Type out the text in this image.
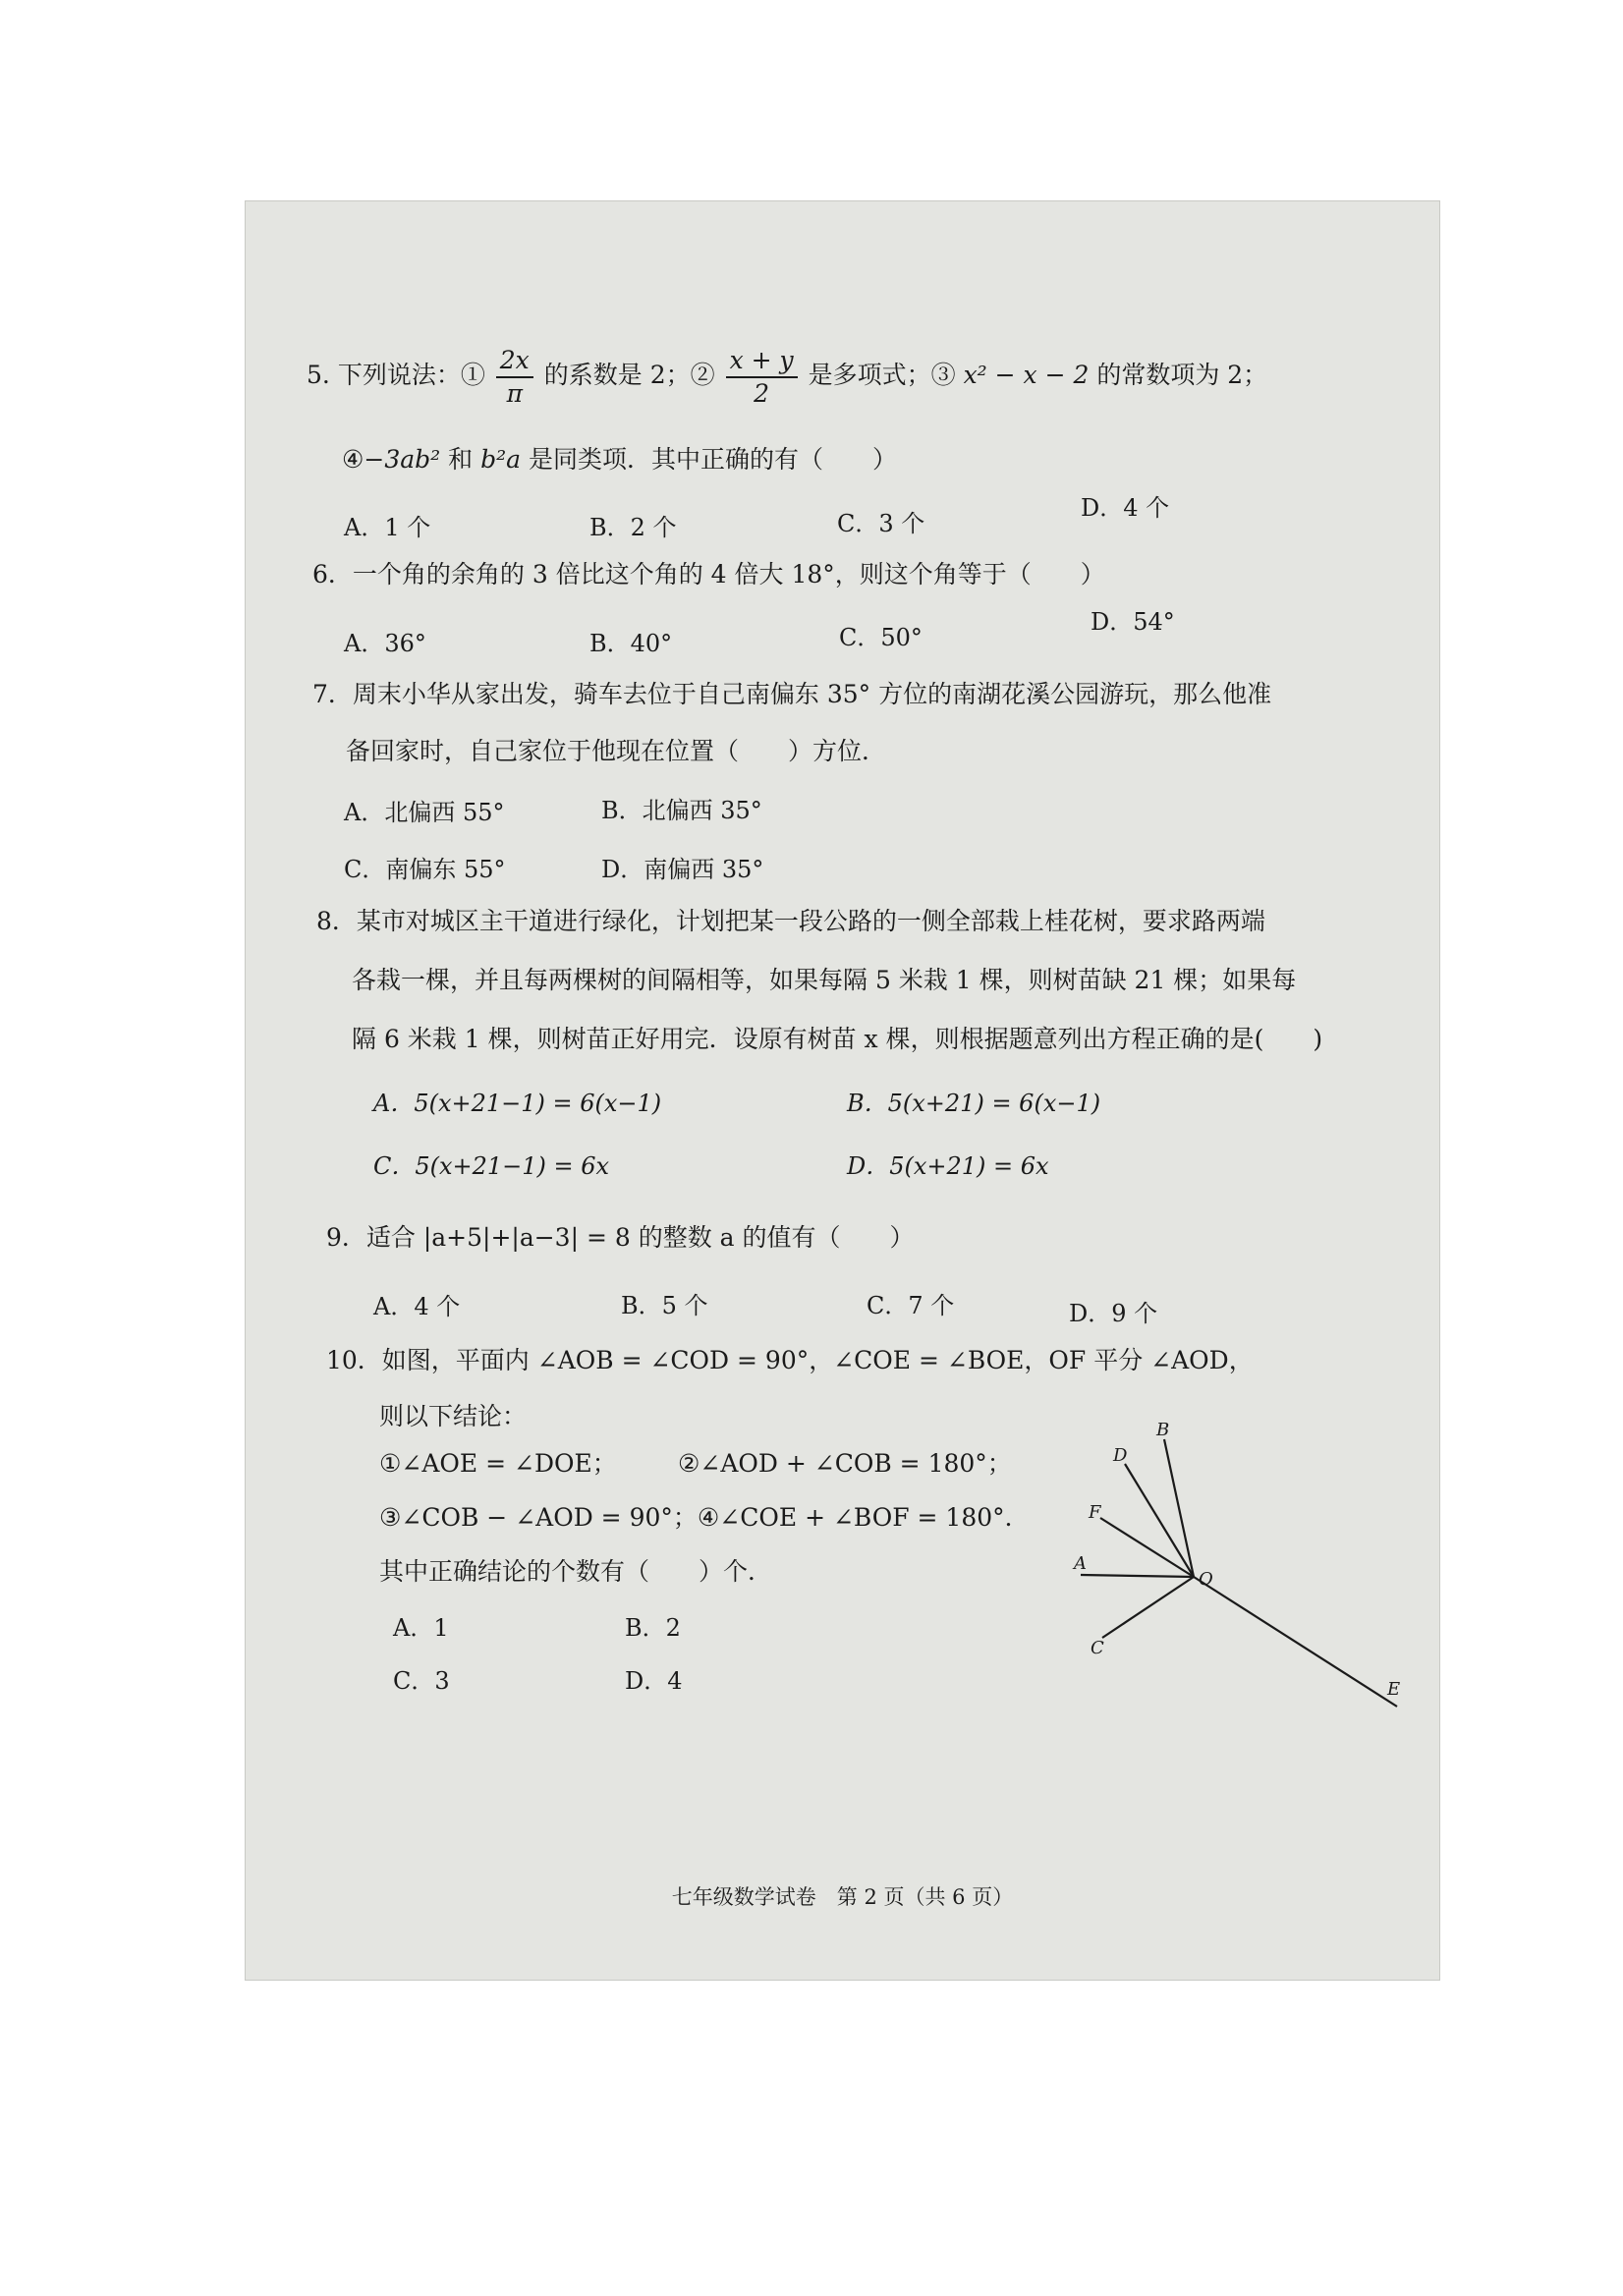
5. 下列说法：① $\frac{2x}{\pi}$ 的系数是 2；② $\frac{x + y}{2}$ 是多项式；③ x² − x − 2 的常数项为 2；
④−3ab² 和 b²a 是同类项．其中正确的有（　　）
A．1 个	B．2 个	C．3 个
D．4 个
6．一个角的余角的 3 倍比这个角的 4 倍大 18°，则这个角等于（　　）
A．36°	B．40°	C．50°
D．54°
7．周末小华从家出发，骑车去位于自己南偏东 35° 方位的南湖花溪公园游玩，那么他准
备回家时，自己家位于他现在位置（　　）方位．
A．北偏西 55°	B．北偏西 35°
C．南偏东 55°	D．南偏西 35°
8．某市对城区主干道进行绿化，计划把某一段公路的一侧全部栽上桂花树，要求路两端
各栽一棵，并且每两棵树的间隔相等，如果每隔 5 米栽 1 棵，则树苗缺 21 棵；如果每
隔 6 米栽 1 棵，则树苗正好用完．设原有树苗 x 棵，则根据题意列出方程正确的是(　　)
A．5(x+21−1) = 6(x−1)	B．5(x+21) = 6(x−1)
C．5(x+21−1) = 6x	D．5(x+21) = 6x
9．适合 |a+5|+|a−3| = 8 的整数 a 的值有（　　）
A．4 个	B．5 个	C．7 个	D．9 个
10．如图，平面内 ∠AOB = ∠COD = 90°，∠COE = ∠BOE，OF 平分 ∠AOD，
则以下结论：
①∠AOE = ∠DOE； ②∠AOD + ∠COB = 180°；
③∠COB − ∠AOD = 90°；④∠COE + ∠BOF = 180°．
其中正确结论的个数有（　　）个．
A．1	B．2
C．3	D．4
B
D
F
A
O
C
E
七年级数学试卷　第 2 页（共 6 页）
